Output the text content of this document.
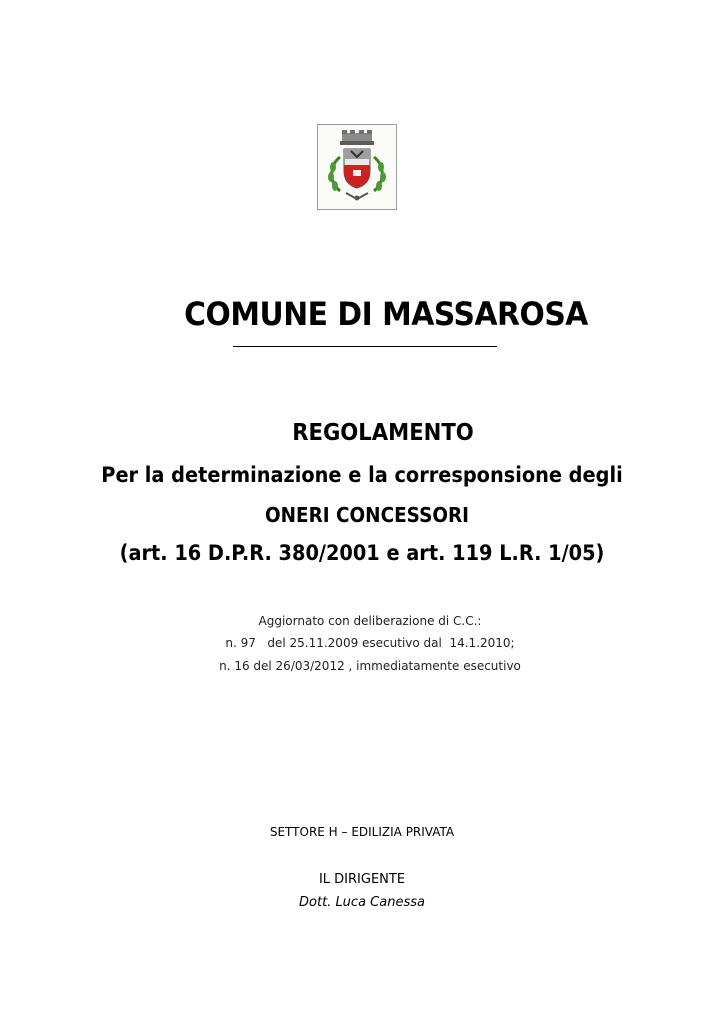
COMUNE DI MASSAROSA
REGOLAMENTO
Per la determinazione e la corresponsione degli
ONERI CONCESSORI
(art. 16 D.P.R. 380/2001 e art. 119 L.R. 1/05)
Aggiornato con deliberazione di C.C.:
n. 97   del 25.11.2009 esecutivo dal  14.1.2010;
n. 16 del 26/03/2012 , immediatamente esecutivo
SETTORE H – EDILIZIA PRIVATA
IL DIRIGENTE
Dott. Luca Canessa
